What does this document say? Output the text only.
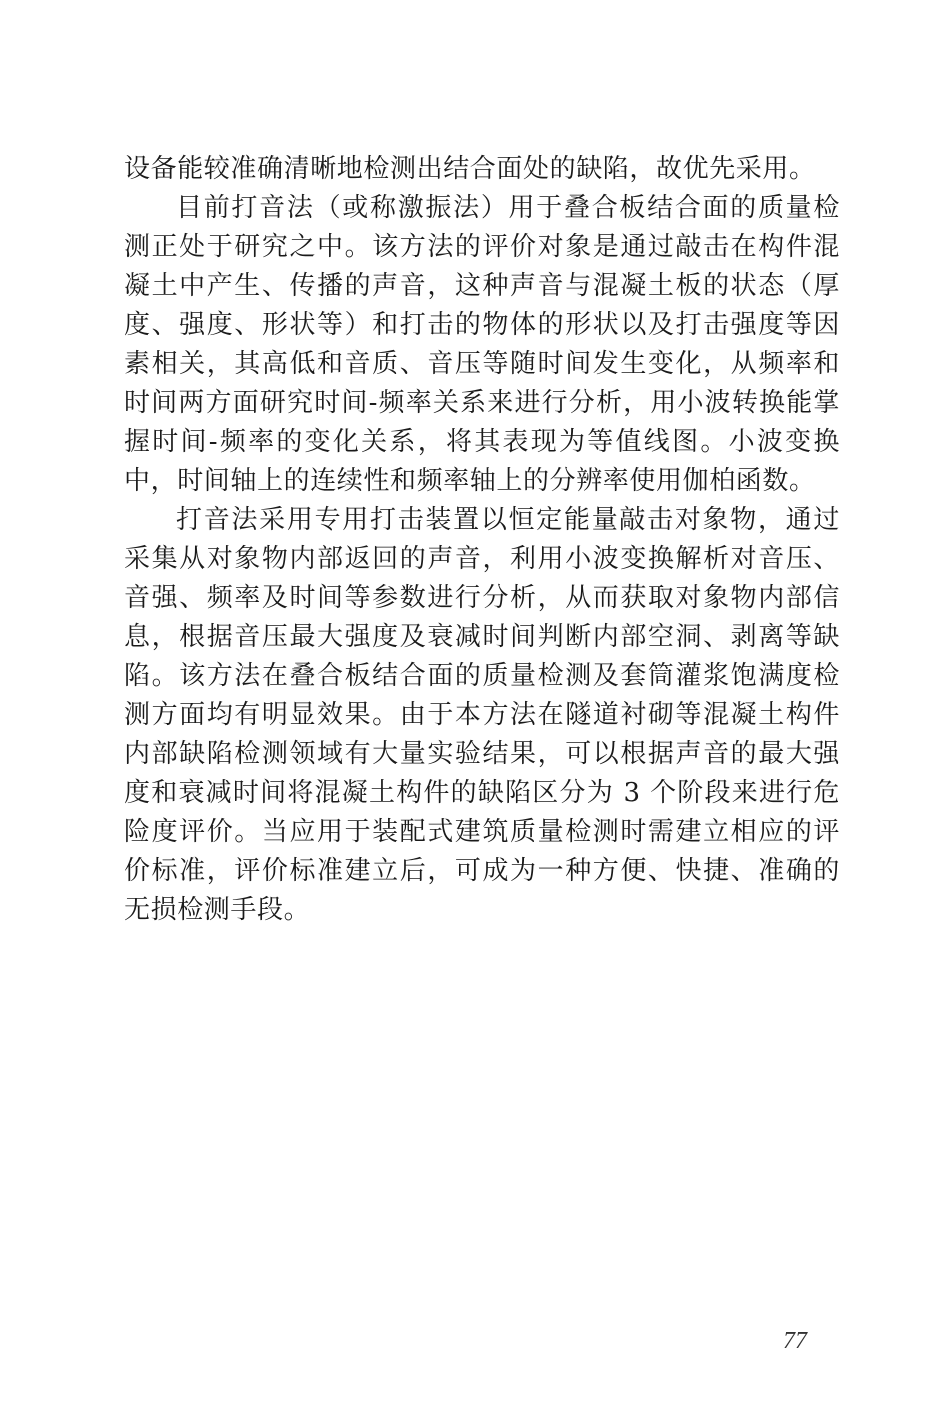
设备能较准确清晰地检测出结合面处的缺陷，故优先采用。

目前打音法（或称激振法）用于叠合板结合面的质量检测正处于研究之中。该方法的评价对象是通过敲击在构件混凝土中产生、传播的声音，这种声音与混凝土板的状态（厚度、强度、形状等）和打击的物体的形状以及打击强度等因素相关，其高低和音质、音压等随时间发生变化，从频率和时间两方面研究时间-频率关系来进行分析，用小波转换能掌握时间-频率的变化关系，将其表现为等值线图。小波变换中，时间轴上的连续性和频率轴上的分辨率使用伽柏函数。

打音法采用专用打击装置以恒定能量敲击对象物，通过采集从对象物内部返回的声音，利用小波变换解析对音压、音强、频率及时间等参数进行分析，从而获取对象物内部信息，根据音压最大强度及衰减时间判断内部空洞、剥离等缺陷。该方法在叠合板结合面的质量检测及套筒灌浆饱满度检测方面均有明显效果。由于本方法在隧道衬砌等混凝土构件内部缺陷检测领域有大量实验结果，可以根据声音的最大强度和衰减时间将混凝土构件的缺陷区分为 3 个阶段来进行危险度评价。当应用于装配式建筑质量检测时需建立相应的评价标准，评价标准建立后，可成为一种方便、快捷、准确的无损检测手段。

77
